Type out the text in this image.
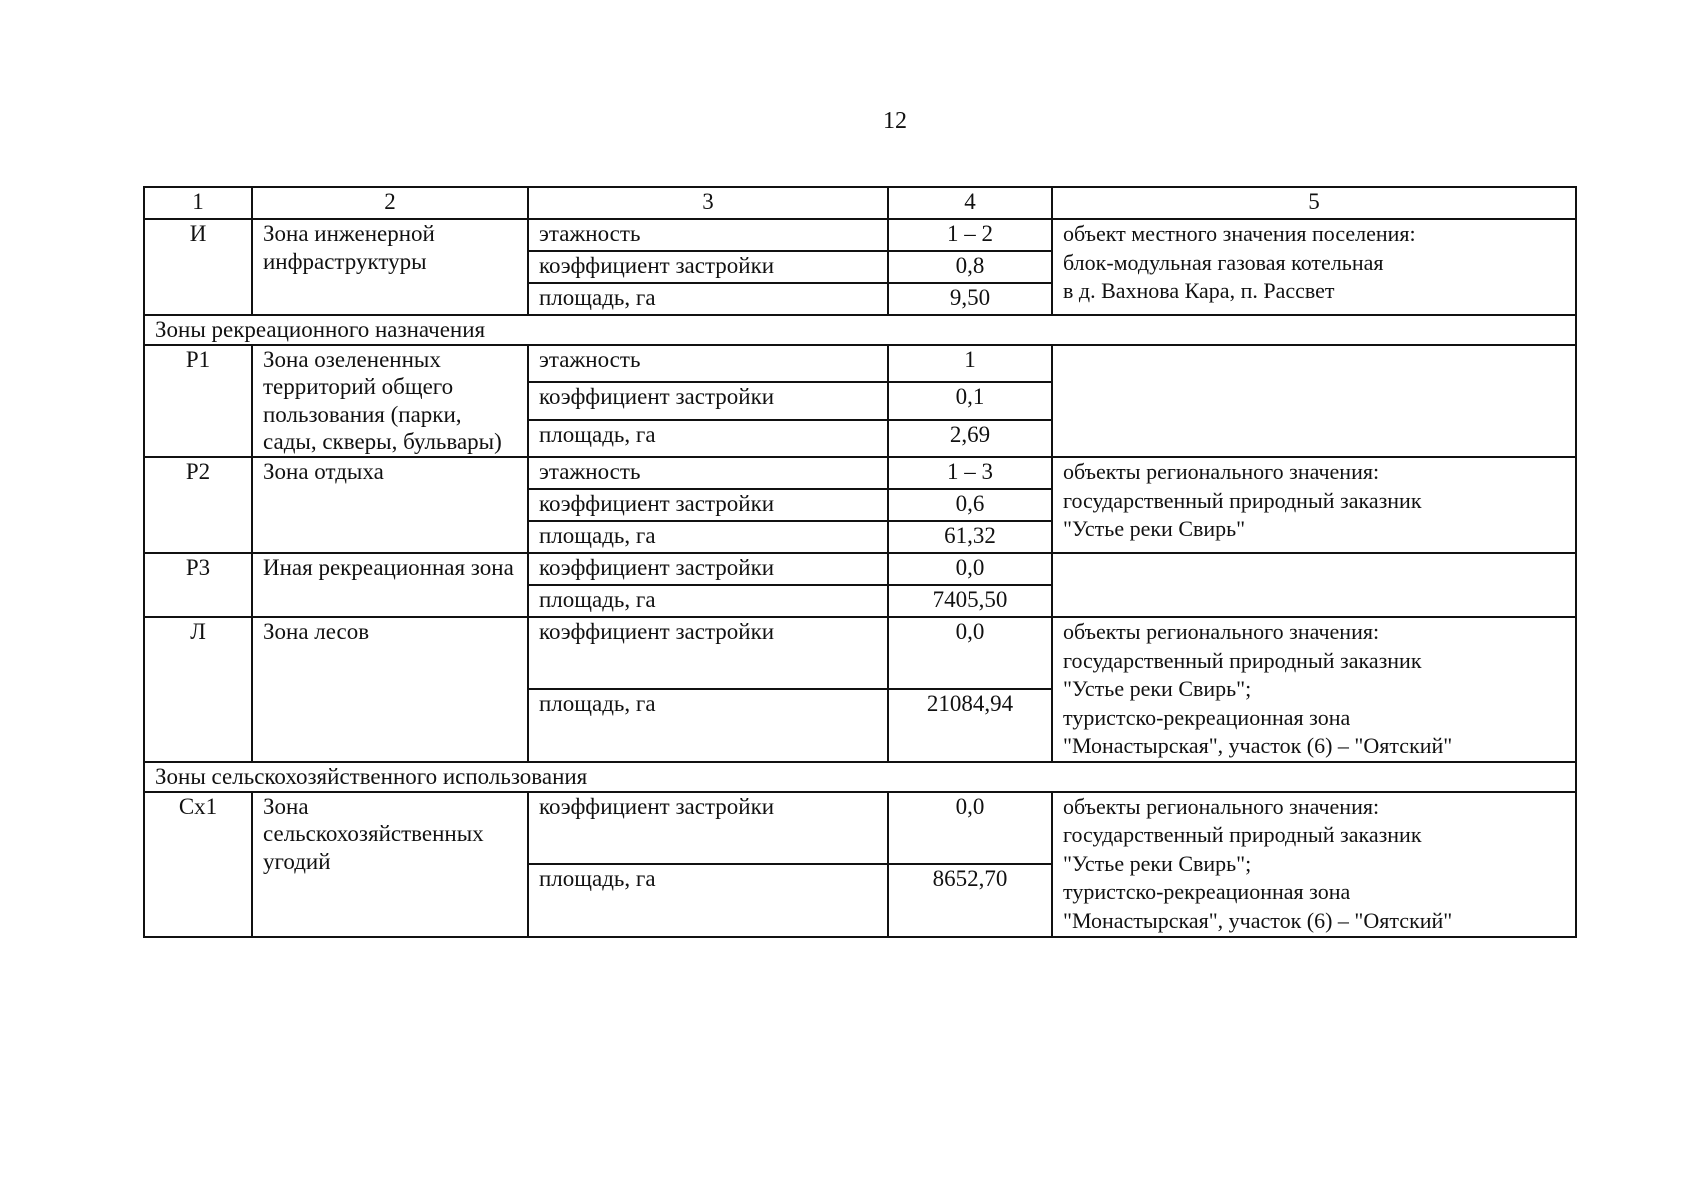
12
1	2	3	4	5
И	Зона инженерной инфраструктуры	этажность	1 – 2	объект местного значения поселения:
блок-модульная газовая котельная
в д. Вахнова Кара, п. Рассвет

		коэффициент застройки	0,8	
		площадь, га	9,50	
Зоны рекреационного назначения				
Р1	Зона озелененных территорий общего пользования (парки, сады, скверы, бульвары)	этажность	1	
		коэффициент застройки	0,1	
		площадь, га	2,69	
Р2	Зона отдыха	этажность	1 – 3	объекты регионального значения:
государственный природный заказник
"Устье реки Свирь"

		коэффициент застройки	0,6	
		площадь, га	61,32	
Р3	Иная рекреационная зона	коэффициент застройки	0,0	
		площадь, га	7405,50	
Л	Зона лесов	коэффициент застройки	0,0	объекты регионального значения:
государственный природный заказник
"Устье реки Свирь";
туристско-рекреационная зона
"Монастырская", участок (6) – "Оятский"

		площадь, га	21084,94	
Зоны сельскохозяйственного использования				
Сх1	Зона сельскохозяйственных угодий	коэффициент застройки	0,0	объекты регионального значения:
государственный природный заказник
"Устье реки Свирь";
туристско-рекреационная зона
"Монастырская", участок (6) – "Оятский"

		площадь, га	8652,70	
